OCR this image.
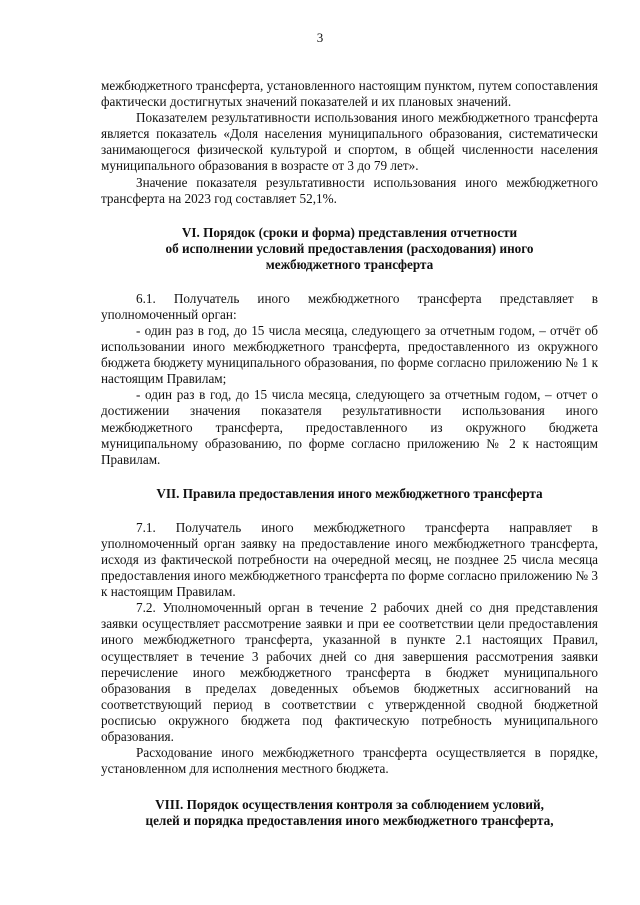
3

межбюджетного трансферта, установленного настоящим пунктом, путем сопоставления фактически достигнутых значений показателей и их плановых значений.

Показателем результативности использования иного межбюджетного трансферта является показатель «Доля населения муниципального образования, систематически занимающегося физической культурой и спортом, в общей численности населения муниципального образования в возрасте от 3 до 79 лет».

Значение показателя результативности использования иного межбюджетного трансферта на 2023 год составляет 52,1%.

VI. Порядок (сроки и форма) представления отчетности

об исполнении условий предоставления (расходования) иного

межбюджетного трансферта

6.1. Получатель иного межбюджетного трансферта представляет в уполномоченный орган:

- один раз в год, до 15 числа месяца, следующего за отчетным годом, – отчёт об использовании иного межбюджетного трансферта, предоставленного из окружного бюджета бюджету муниципального образования, по форме согласно приложению № 1 к настоящим Правилам;

- один раз в год, до 15 числа месяца, следующего за отчетным годом, – отчет о достижении значения показателя результативности использования иного межбюджетного трансферта, предоставленного из окружного бюджета муниципальному образованию, по форме согласно приложению № 2 к настоящим Правилам.

VII. Правила предоставления иного межбюджетного трансферта

7.1. Получатель иного межбюджетного трансферта направляет в уполномоченный орган заявку на предоставление иного межбюджетного трансферта, исходя из фактической потребности на очередной месяц, не позднее 25 числа месяца предоставления иного межбюджетного трансферта по форме согласно приложению № 3 к настоящим Правилам.

7.2. Уполномоченный орган в течение 2 рабочих дней со дня представления заявки осуществляет рассмотрение заявки и при ее соответствии цели предоставления иного межбюджетного трансферта, указанной в пункте 2.1 настоящих Правил, осуществляет в течение 3 рабочих дней со дня завершения рассмотрения заявки перечисление иного межбюджетного трансферта в бюджет муниципального образования в пределах доведенных объемов бюджетных ассигнований на соответствующий период в соответствии с утвержденной сводной бюджетной росписью окружного бюджета под фактическую потребность муниципального образования.

Расходование иного межбюджетного трансферта осуществляется в порядке, установленном для исполнения местного бюджета.

VIII. Порядок осуществления контроля за соблюдением условий,

целей и порядка предоставления иного межбюджетного трансферта,
